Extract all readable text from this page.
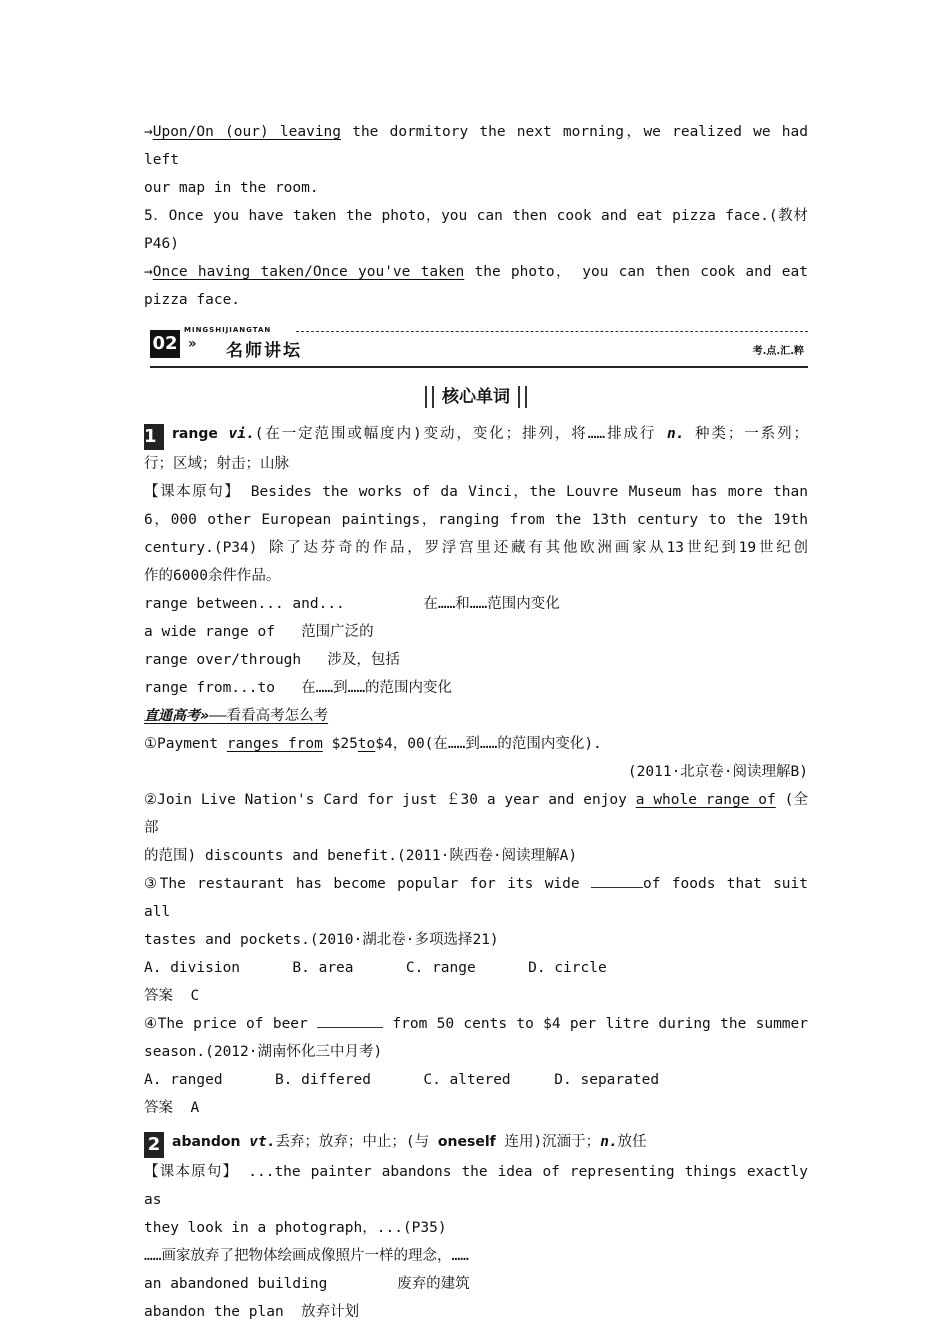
→Upon/On (our) leaving the dormitory the next morning，we realized we had left
our map in the room.
5．Once you have taken the photo，you can then cook and eat pizza face.(教材
P46)
→Once having taken/Once you've taken the photo， you can then cook and eat
pizza face.
02
MINGSHIJIANGTAN
» 名师讲坛	考.点.汇.粹
核心单词
1 range vi.(在一定范围或幅度内)变动，变化；排列，将……排成行 n. 种类；一系列；
行；区域；射击；山脉
【课本原句】 Besides the works of da Vinci，the Louvre Museum has more than
6，000 other European paintings，ranging from the 13th century to the 19th
century.(P34) 除了达芬奇的作品，罗浮宫里还藏有其他欧洲画家从13世纪到19世纪创
作的6000余件作品。
range between... and...         在……和……范围内变化
a wide range of   范围广泛的
range over/through   涉及，包括
range from...to   在……到……的范围内变化
直通高考»——看看高考怎么考
①Payment ranges from $25to$4，00(在……到……的范围内变化).
(2011·北京卷·阅读理解B)
②Join Live Nation's Card for just ￡30 a year and enjoy a whole range of (全部
的范围) discounts and benefit.(2011·陕西卷·阅读理解A)
③The restaurant has become popular for its wide	of foods that suit all
tastes and pockets.(2010·湖北卷·多项选择21)
A. division      B. area      C. range      D. circle
答案  C
④The price of beer	from 50 cents to $4 per litre during the summer
season.(2012·湖南怀化三中月考)
A. ranged      B. differed      C. altered     D. separated
答案  A
2 abandon vt.丢弃；放弃；中止；(与 oneself 连用)沉湎于；n.放任
【课本原句】 ...the painter abandons the idea of representing things exactly as
they look in a photograph，...(P35)
……画家放弃了把物体绘画成像照片一样的理念，……
an abandoned building        废弃的建筑
abandon the plan  放弃计划
